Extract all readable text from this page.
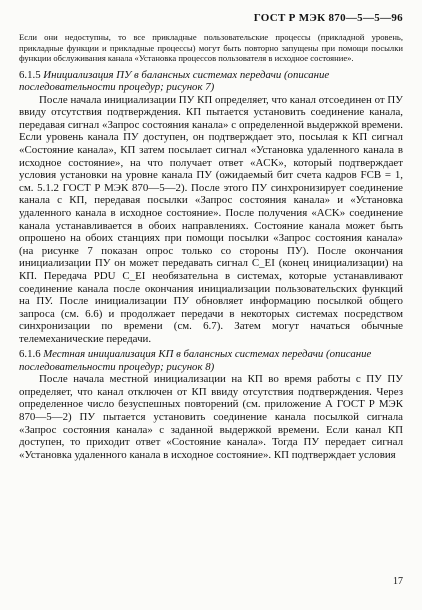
ГОСТ Р МЭК 870—5—5—96

Если они недоступны, то все прикладные пользовательские процессы (прикладной уровень, прикладные функции и прикладные процессы) могут быть повторно запущены при помощи посылки функции обслуживания канала «Установка процессов пользователя в исходное состояние».

6.1.5 Инициализация ПУ в балансных системах передачи (описание последовательности процедур; рисунок 7)

После начала инициализации ПУ КП определяет, что канал отсоединен от ПУ ввиду отсутствия подтверждения. КП пытается установить соединение канала, передавая сигнал «Запрос состояния канала» с определенной выдержкой времени. Если уровень канала ПУ доступен, он подтверждает это, посылая к КП сигнал «Состояние канала», КП затем посылает сигнал «Установка удаленного канала в исходное состояние», на что получает ответ «ACK», который подтверждает условия установки на уровне канала ПУ (ожидаемый бит счета кадров FCB = 1, см. 5.1.2 ГОСТ Р МЭК 870—5—2). После этого ПУ синхронизирует соединение канала с КП, передавая посылки «Запрос состояния канала» и «Установка удаленного канала в исходное состояние». После получения «ACK» соединение канала устанавливается в обоих направлениях. Состояние канала может быть опрошено на обоих станциях при помощи посылки «Запрос состояния канала» (на рисунке 7 показан опрос только со стороны ПУ). После окончания инициализации ПУ он может передавать сигнал C_EI (конец инициализации) на КП. Передача PDU C_EI необязательна в системах, которые устанавливают соединение канала после окончания инициализации пользовательских функций на ПУ. После инициализации ПУ обновляет информацию посылкой общего запроса (см. 6.6) и продолжает передачи в некоторых системах посредством синхронизации по времени (см. 6.7). Затем могут начаться обычные телемеханические передачи.

6.1.6 Местная инициализация КП в балансных системах передачи (описание последовательности процедур; рисунок 8)

После начала местной инициализации на КП во время работы с ПУ ПУ определяет, что канал отключен от КП ввиду отсутствия подтверждения. Через определенное число безуспешных повторений (см. приложение А ГОСТ Р МЭК 870—5—2) ПУ пытается установить соединение канала посылкой сигнала «Запрос состояния канала» с заданной выдержкой времени. Если канал КП доступен, то приходит ответ «Состояние канала». Тогда ПУ передает сигнал «Установка удаленного канала в исходное состояние». КП подтверждает условия

17
